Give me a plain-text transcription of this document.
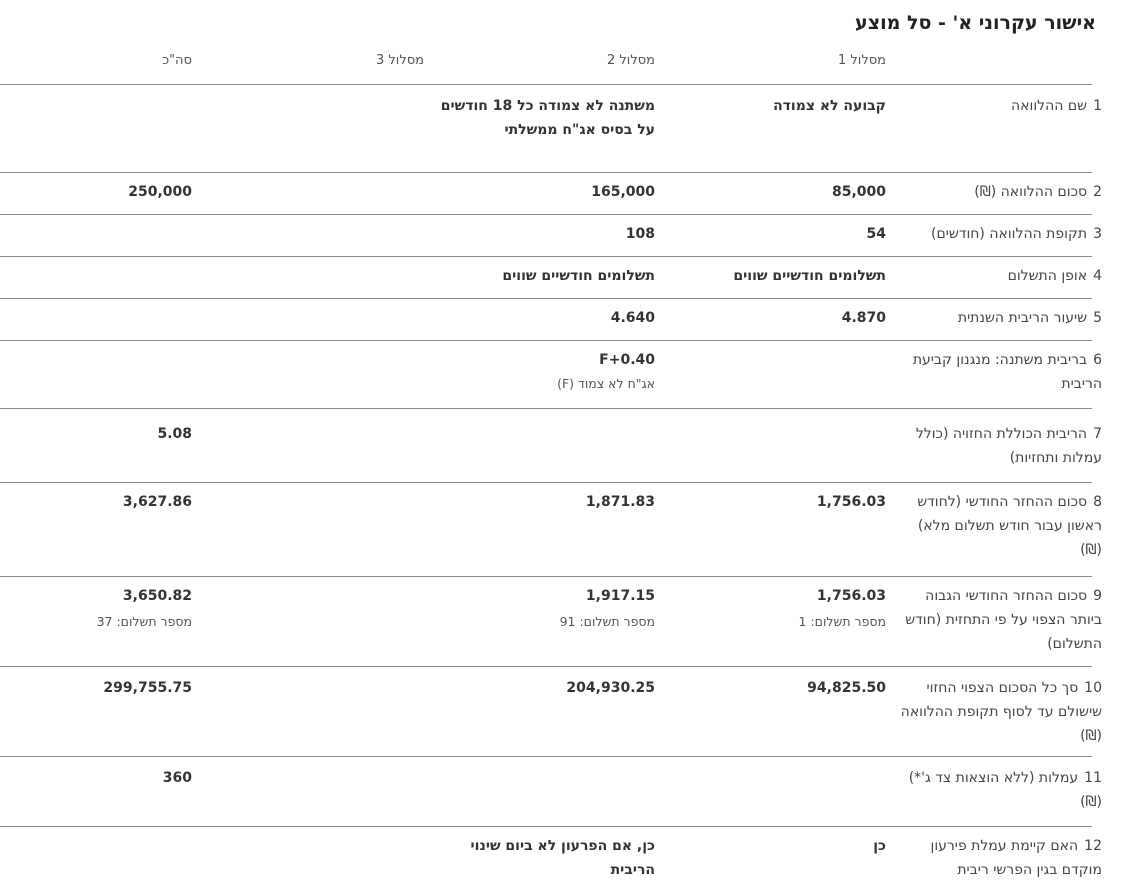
אישור עקרוני א' - סל מוצע
מסלול 1
מסלול 2
מסלול 3
סה"כ
1שם ההלוואה
קבועה לא צמודה
משתנה לא צמודה כל 18 חודשים על בסיס אג"ח ממשלתי
2סכום ההלוואה (₪)
85,000
165,000
250,000
3תקופת ההלוואה (חודשים)
54
108
4אופן התשלום
תשלומים חודשיים שווים
תשלומים חודשיים שווים
5שיעור הריבית השנתית
4.870
4.640
6בריבית משתנה: מנגנון קביעת הריבית
F+0.40
אג"ח לא צמוד (F)
7הריבית הכוללת החזויה (כולל עמלות ותחזיות)
5.08
8סכום ההחזר החודשי (לחודש ראשון עבור חודש תשלום מלא) (₪)
1,756.03
1,871.83
3,627.86
9סכום ההחזר החודשי הגבוה ביותר הצפוי על פי התחזית (חודש התשלום)
1,756.03
מספר תשלום: 1
1,917.15
מספר תשלום: 91
3,650.82
מספר תשלום: 37
10סך כל הסכום הצפוי החזוי שישולם עד לסוף תקופת ההלוואה (₪)
94,825.50
204,930.25
299,755.75
11עמלות (ללא הוצאות צד ג'*) (₪)
360
12האם קיימת עמלת פירעון מוקדם בגין הפרשי ריבית
כן
כן, אם הפרעון לא ביום שינוי הריבית
